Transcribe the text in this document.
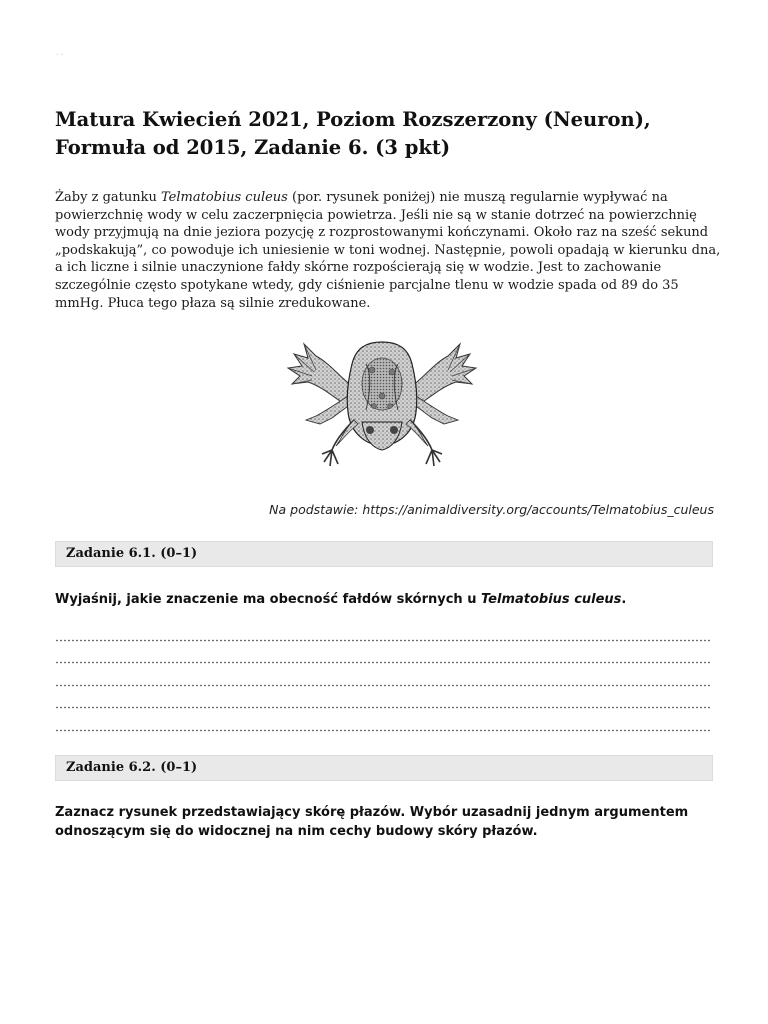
` `
Matura Kwiecień 2021, Poziom Rozszerzony (Neuron), Formuła od 2015, Zadanie 6. (3 pkt)

Żaby z gatunku Telmatobius culeus (por. rysunek poniżej) nie muszą regularnie wypływać na powierzchnię wody w celu zaczerpnięcia powietrza. Jeśli nie są w stanie dotrzeć na powierzchnię wody przyjmują na dnie jeziora pozycję z rozprostowanymi kończynami. Około raz na sześć sekund „podskakują”, co powoduje ich uniesienie w toni wodnej. Następnie, powoli opadają w kierunku dna, a ich liczne i silnie unaczynione fałdy skórne rozpościerają się w wodzie. Jest to zachowanie szczególnie często spotykane wtedy, gdy ciśnienie parcjalne tlenu w wodzie spada od 89 do 35 mmHg. Płuca tego płaza są silnie zredukowane.

Na podstawie: https://animaldiversity.org/accounts/Telmatobius_culeus
Zadanie 6.1. (0–1)

Wyjaśnij, jakie znaczenie ma obecność fałdów skórnych u Telmatobius culeus.

Zadanie 6.2. (0–1)

Zaznacz rysunek przedstawiający skórę płazów. Wybór uzasadnij jednym argumentem odnoszącym się do widocznej na nim cechy budowy skóry płazów.
